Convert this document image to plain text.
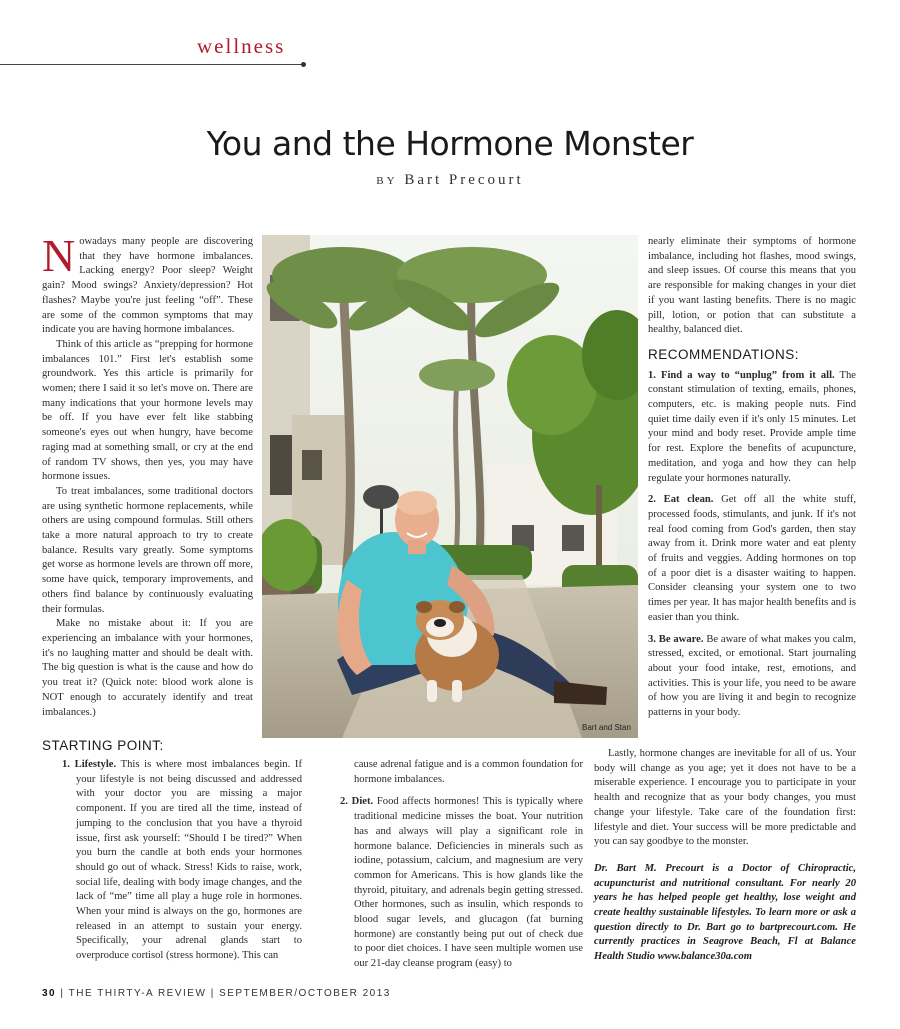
wellness
You and the Hormone Monster
BY Bart Precourt

Nowadays many people are discovering that they have hormone imbalances. Lacking energy? Poor sleep? Weight gain? Mood swings? Anxiety/depression? Hot flashes? Maybe you're just feeling “off”. These are some of the common symptoms that may indicate you are having hormone imbalances.

Think of this article as “prepping for hormone imbalances 101.” First let's establish some groundwork. Yes this article is primarily for women; there I said it so let's move on. There are many indications that your hormone levels may be off. If you have ever felt like stabbing someone's eyes out when hungry, have become raging mad at something small, or cry at the end of random TV shows, then yes, you may have hormone issues.

To treat imbalances, some traditional doctors are using synthetic hormone replacements, while others are using compound formulas. Still others take a more natural approach to try to create balance. Results vary greatly. Some symptoms get worse as hormone levels are thrown off more, some have quick, temporary improvements, and others find balance by continuously evaluating their formulas.

Make no mistake about it: If you are experiencing an imbalance with your hormones, it's no laughing matter and should be dealt with. The big question is what is the cause and how do you treat it? (Quick note: blood work alone is NOT enough to accurately identify and treat imbalances.)

Bart and Stan

nearly eliminate their symptoms of hormone imbalance, including hot flashes, mood swings, and sleep issues. Of course this means that you are responsible for making changes in your diet if you want lasting benefits. There is no magic pill, lotion, or potion that can substitute a healthy, balanced diet.

RECOMMENDATIONS:

1. Find a way to “unplug” from it all. The constant stimulation of texting, emails, phones, computers, etc. is making people nuts. Find quiet time daily even if it's only 15 minutes. Let your mind and body reset. Provide ample time for rest. Explore the benefits of acupuncture, meditation, and yoga and how they can help regulate your hormones naturally.

2. Eat clean. Get off all the white stuff, processed foods, stimulants, and junk. If it's not real food coming from God's garden, then stay away from it. Drink more water and eat plenty of fruits and veggies. Adding hormones on top of a poor diet is a disaster waiting to happen. Consider cleansing your system one to two times per year. It has major health benefits and is easier than you think.

3. Be aware. Be aware of what makes you calm, stressed, excited, or emotional. Start journaling about your food intake, rest, emotions, and activities. This is your life, you need to be aware of how you are living it and begin to recognize patterns in your body.

STARTING POINT:

1. Lifestyle. This is where most imbalances begin. If your lifestyle is not being discussed and addressed with your doctor you are missing a major component. If you are tired all the time, instead of jumping to the conclusion that you have a thyroid issue, first ask yourself: “Should I be tired?” When you burn the candle at both ends your hormones should go out of whack. Stress! Kids to raise, work, social life, dealing with body image changes, and the lack of “me” time all play a huge role in hormones. When your mind is always on the go, hormones are released in an attempt to sustain your energy. Specifically, your adrenal glands start to overproduce cortisol (stress hormone). This can

cause adrenal fatigue and is a common foundation for hormone imbalances.

2. Diet. Food affects hormones! This is typically where traditional medicine misses the boat. Your nutrition has and always will play a significant role in hormone balance. Deficiencies in minerals such as iodine, potassium, calcium, and magnesium are very common for Americans. This is how glands like the thyroid, pituitary, and adrenals begin getting stressed. Other hormones, such as insulin, which responds to blood sugar levels, and glucagon (fat burning hormone) are constantly being put out of check due to poor diet choices. I have seen multiple women use our 21-day cleanse program (easy) to

Lastly, hormone changes are inevitable for all of us. Your body will change as you age; yet it does not have to be a miserable experience. I encourage you to participate in your health and recognize that as your body changes, you must change your lifestyle. Take care of the foundation first: lifestyle and diet. Your success will be more predictable and you can say goodbye to the monster.

Dr. Bart M. Precourt is a Doctor of Chiropractic, acupuncturist and nutritional consultant. For nearly 20 years he has helped people get healthy, lose weight and create healthy sustainable lifestyles. To learn more or ask a question directly to Dr. Bart go to bartprecourt.com. He currently practices in Seagrove Beach, Fl at Balance Health Studio www.balance30a.com

30 | THE THIRTY-A REVIEW | SEPTEMBER/OCTOBER 2013
